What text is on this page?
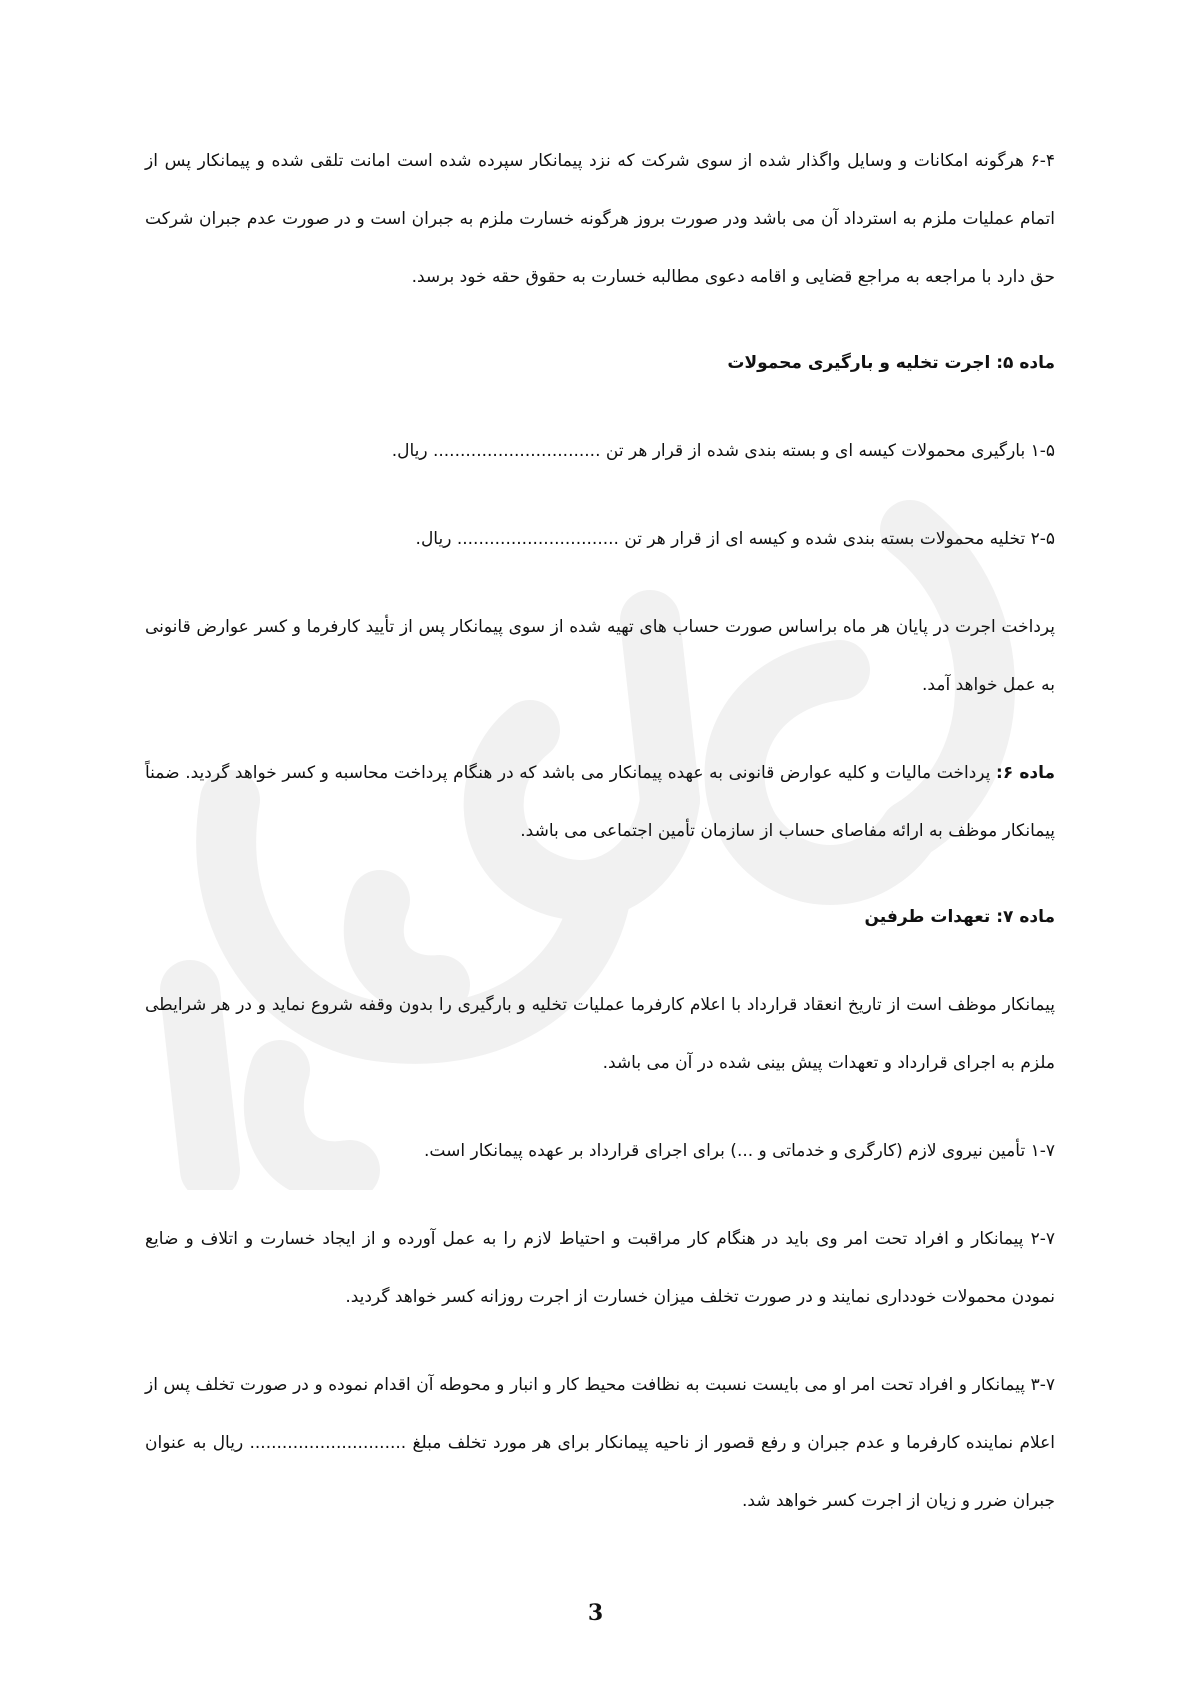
۶-۴ هرگونه امکانات و وسایل واگذار شده از سوی شرکت که نزد پیمانکار سپرده شده است امانت تلقی شده و پیمانکار پس از اتمام عملیات ملزم به استرداد آن می باشد ودر صورت بروز هرگونه خسارت ملزم به جبران است و در صورت عدم جبران شرکت حق دارد با مراجعه به مراجع قضایی و اقامه دعوی مطالبه خسارت به حقوق حقه خود برسد.

ماده ۵: اجرت تخلیه و بارگیری محمولات

۱-۵ بارگیری محمولات کیسه ای و بسته بندی شده از قرار هر تن ............................... ریال.

۲-۵ تخلیه محمولات بسته بندی شده و کیسه ای از قرار هر تن .............................. ریال.

پرداخت اجرت در پایان هر ماه براساس صورت حساب های تهیه شده از سوی پیمانکار پس از تأیید کارفرما و کسر عوارض قانونی به عمل خواهد آمد.

ماده ۶: پرداخت مالیات و کلیه عوارض قانونی به عهده پیمانکار می باشد که در هنگام پرداخت محاسبه و کسر خواهد گردید. ضمناً پیمانکار موظف به ارائه مفاصای حساب از سازمان تأمین اجتماعی می باشد.

ماده ۷: تعهدات طرفین

پیمانکار موظف است از تاریخ انعقاد قرارداد با اعلام کارفرما عملیات تخلیه و بارگیری را بدون وقفه شروع نماید و در هر شرایطی ملزم به اجرای قرارداد و تعهدات پیش بینی شده در آن می باشد.

۱-۷ تأمین نیروی لازم (کارگری و خدماتی و ...) برای اجرای قرارداد بر عهده پیمانکار است.

۲-۷ پیمانکار و افراد تحت امر وی باید در هنگام کار مراقبت و احتیاط لازم را به عمل آورده و از ایجاد خسارت و اتلاف و ضایع نمودن محمولات خودداری نمایند و در صورت تخلف میزان خسارت از اجرت روزانه کسر خواهد گردید.

۳-۷ پیمانکار و افراد تحت امر او می بایست نسبت به نظافت محیط کار و انبار و محوطه آن اقدام نموده و در صورت تخلف پس از اعلام نماینده کارفرما و عدم جبران و رفع قصور از ناحیه پیمانکار برای هر مورد تخلف مبلغ ............................. ریال به عنوان جبران ضرر و زیان از اجرت کسر خواهد شد.

3
